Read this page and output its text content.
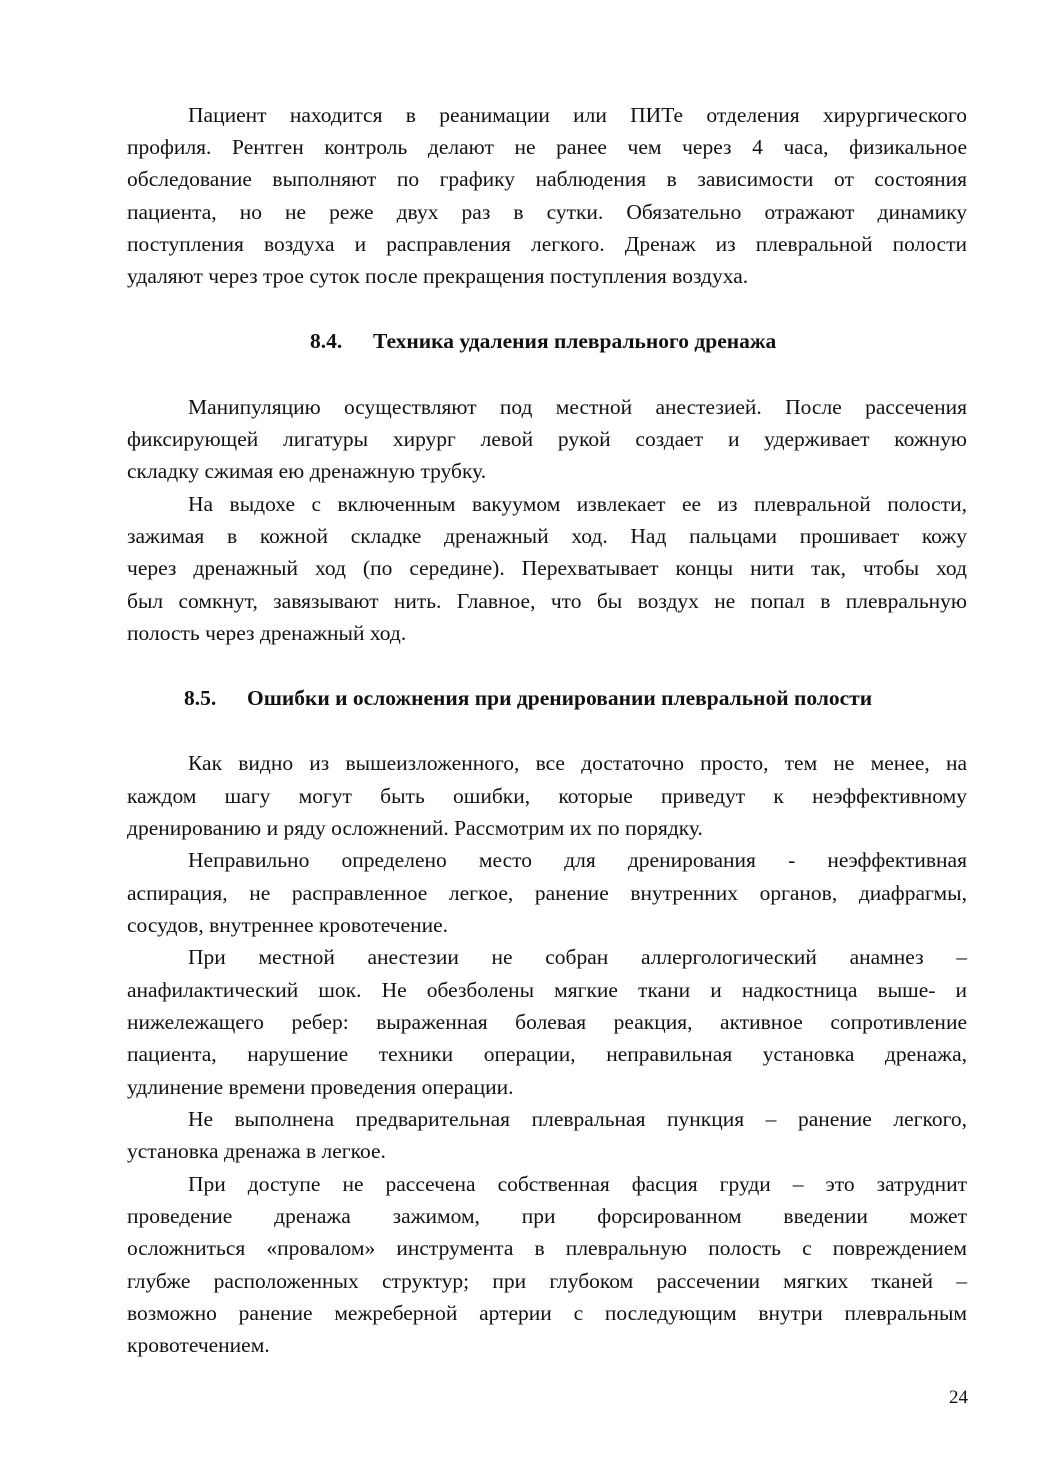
Пациент находится в реанимации или ПИТе отделения хирургического
профиля. Рентген контроль делают не ранее чем через 4 часа, физикальное
обследование выполняют по графику наблюдения в зависимости от состояния
пациента, но не реже двух раз в сутки. Обязательно отражают динамику
поступления воздуха и расправления легкого. Дренаж из плевральной полости
удаляют через трое суток после прекращения поступления воздуха.
8.4. Техника удаления плеврального дренажа
Манипуляцию осуществляют под местной анестезией. После рассечения
фиксирующей лигатуры хирург левой рукой создает и удерживает кожную
складку сжимая ею дренажную трубку.
На выдохе с включенным вакуумом извлекает ее из плевральной полости,
зажимая в кожной складке дренажный ход. Над пальцами прошивает кожу
через дренажный ход (по середине). Перехватывает концы нити так, чтобы ход
был сомкнут, завязывают нить. Главное, что бы воздух не попал в плевральную
полость через дренажный ход.
8.5. Ошибки и осложнения при дренировании плевральной полости
Как видно из вышеизложенного, все достаточно просто, тем не менее, на
каждом шагу могут быть ошибки, которые приведут к неэффективному
дренированию и ряду осложнений. Рассмотрим их по порядку.
Неправильно определено место для дренирования - неэффективная
аспирация, не расправленное легкое, ранение внутренних органов, диафрагмы,
сосудов, внутреннее кровотечение.
При местной анестезии не собран аллергологический анамнез –
анафилактический шок. Не обезболены мягкие ткани и надкостница выше- и
нижележащего ребер: выраженная болевая реакция, активное сопротивление
пациента, нарушение техники операции, неправильная установка дренажа,
удлинение времени проведения операции.
Не выполнена предварительная плевральная пункция – ранение легкого,
установка дренажа в легкое.
При доступе не рассечена собственная фасция груди – это затруднит
проведение дренажа зажимом, при форсированном введении может
осложниться «провалом» инструмента в плевральную полость с повреждением
глубже расположенных структур; при глубоком рассечении мягких тканей –
возможно ранение межреберной артерии с последующим внутри плевральным
кровотечением.
24
